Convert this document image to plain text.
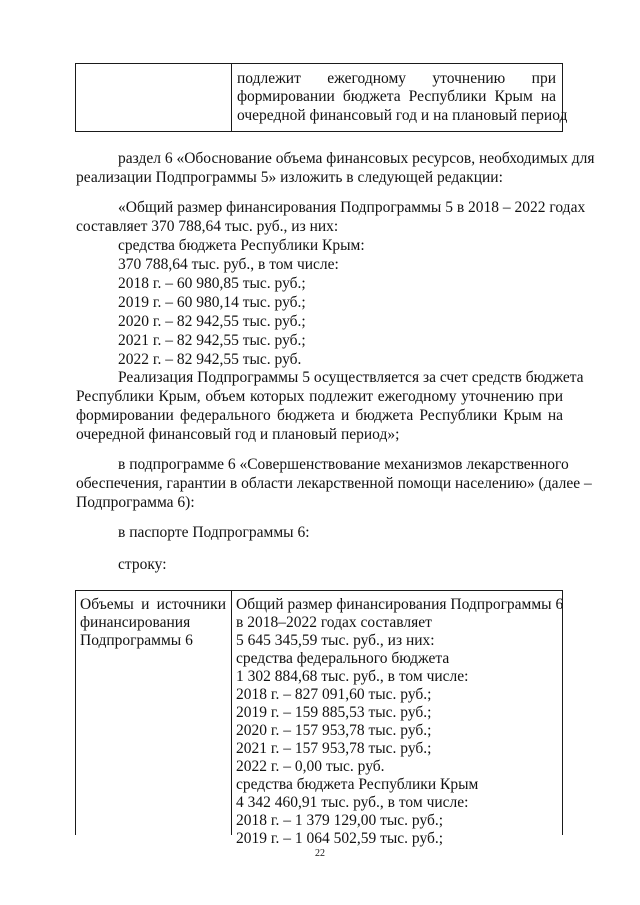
подлежит ежегодному уточнению при
формировании бюджета Республики Крым на
очередной финансовый год и на плановый период
раздел 6 «Обоснование объема финансовых ресурсов, необходимых для
реализации Подпрограммы 5» изложить в следующей редакции:
«Общий размер финансирования Подпрограммы 5 в 2018 – 2022 годах
составляет 370 788,64 тыс. руб., из них:
средства бюджета Республики Крым:
370 788,64 тыс. руб., в том числе:
2018 г. – 60 980,85 тыс. руб.;
2019 г. – 60 980,14 тыс. руб.;
2020 г. – 82 942,55 тыс. руб.;
2021 г. – 82 942,55 тыс. руб.;
2022 г. – 82 942,55 тыс. руб.
Реализация Подпрограммы 5 осуществляется за счет средств бюджета
Республики Крым, объем которых подлежит ежегодному уточнению при
формировании федерального бюджета и бюджета Республики Крым на
очередной финансовый год и плановый период»;
в подпрограмме 6 «Совершенствование механизмов лекарственного
обеспечения, гарантии в области лекарственной помощи населению» (далее –
Подпрограмма 6):
в паспорте Подпрограммы 6:
строку:
Объемы и источники
финансирования
Подпрограммы 6
Общий размер финансирования Подпрограммы 6
в 2018–2022 годах составляет
5 645 345,59 тыс. руб., из них:
средства федерального бюджета
1 302 884,68 тыс. руб., в том числе:
2018 г. – 827 091,60 тыс. руб.;
2019 г. – 159 885,53 тыс. руб.;
2020 г. – 157 953,78 тыс. руб.;
2021 г. – 157 953,78 тыс. руб.;
2022 г. – 0,00 тыс. руб.
средства бюджета Республики Крым
4 342 460,91 тыс. руб., в том числе:
2018 г. – 1 379 129,00 тыс. руб.;
2019 г. – 1 064 502,59 тыс. руб.;
22
